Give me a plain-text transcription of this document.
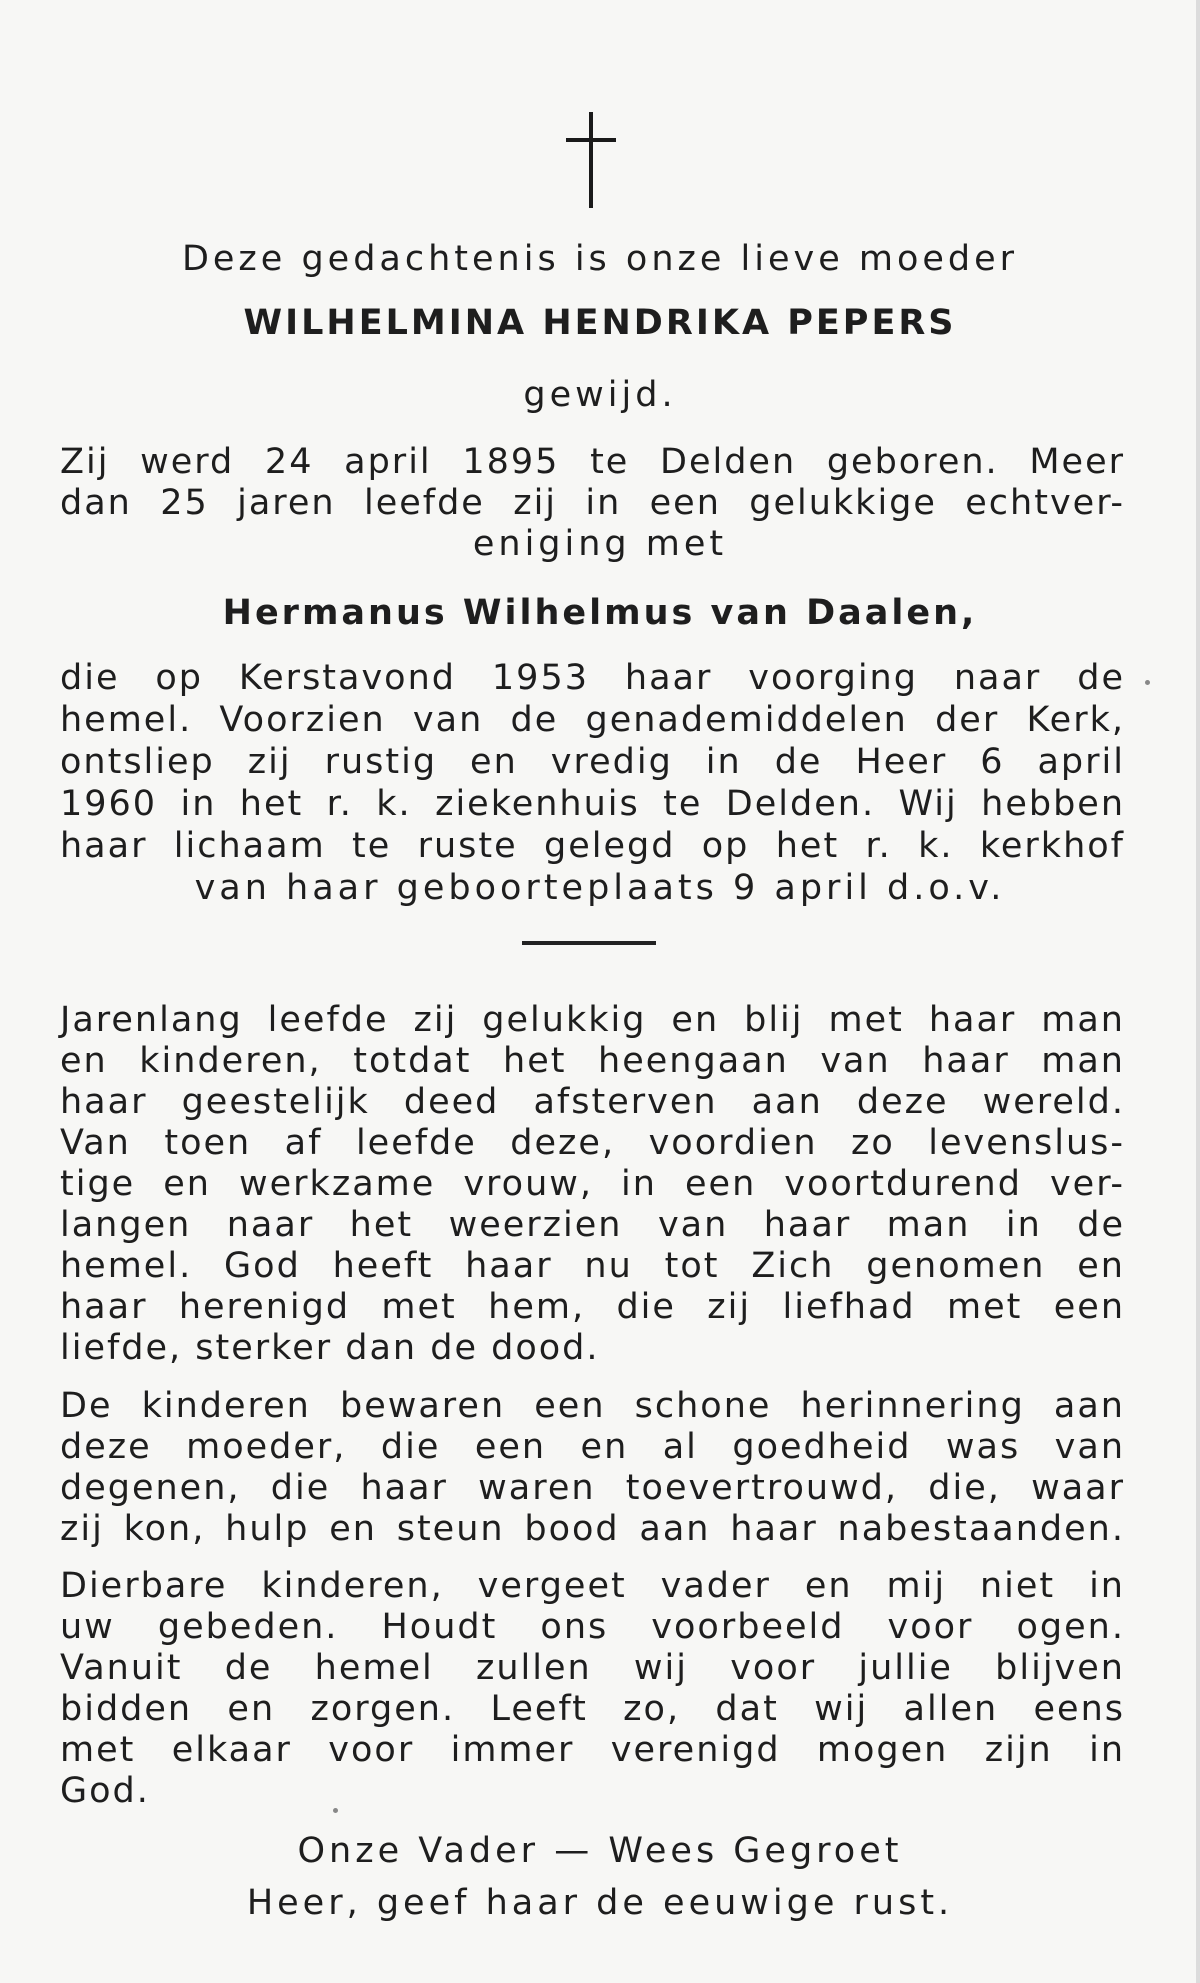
Deze gedachtenis is onze lieve moeder
WILHELMINA HENDRIKA PEPERS
gewijd.
Zij werd 24 april 1895 te Delden geboren. Meer
dan 25 jaren leefde zij in een gelukkige echtver-
eniging met
Hermanus Wilhelmus van Daalen,
die op Kerstavond 1953 haar voorging naar de
hemel. Voorzien van de genademiddelen der Kerk,
ontsliep zij rustig en vredig in de Heer 6 april
1960 in het r. k. ziekenhuis te Delden. Wij hebben
haar lichaam te ruste gelegd op het r. k. kerkhof
van haar geboorteplaats 9 april d.o.v.
Jarenlang leefde zij gelukkig en blij met haar man
en kinderen, totdat het heengaan van haar man
haar geestelijk deed afsterven aan deze wereld.
Van toen af leefde deze, voordien zo levenslus-
tige en werkzame vrouw, in een voortdurend ver-
langen naar het weerzien van haar man in de
hemel. God heeft haar nu tot Zich genomen en
haar herenigd met hem, die zij liefhad met een
liefde, sterker dan de dood.
De kinderen bewaren een schone herinnering aan
deze moeder, die een en al goedheid was van
degenen, die haar waren toevertrouwd, die, waar
zij kon, hulp en steun bood aan haar nabestaanden.
Dierbare kinderen, vergeet vader en mij niet in
uw gebeden. Houdt ons voorbeeld voor ogen.
Vanuit de hemel zullen wij voor jullie blijven
bidden en zorgen. Leeft zo, dat wij allen eens
met elkaar voor immer verenigd mogen zijn in
God.
Onze Vader — Wees Gegroet
Heer, geef haar de eeuwige rust.
